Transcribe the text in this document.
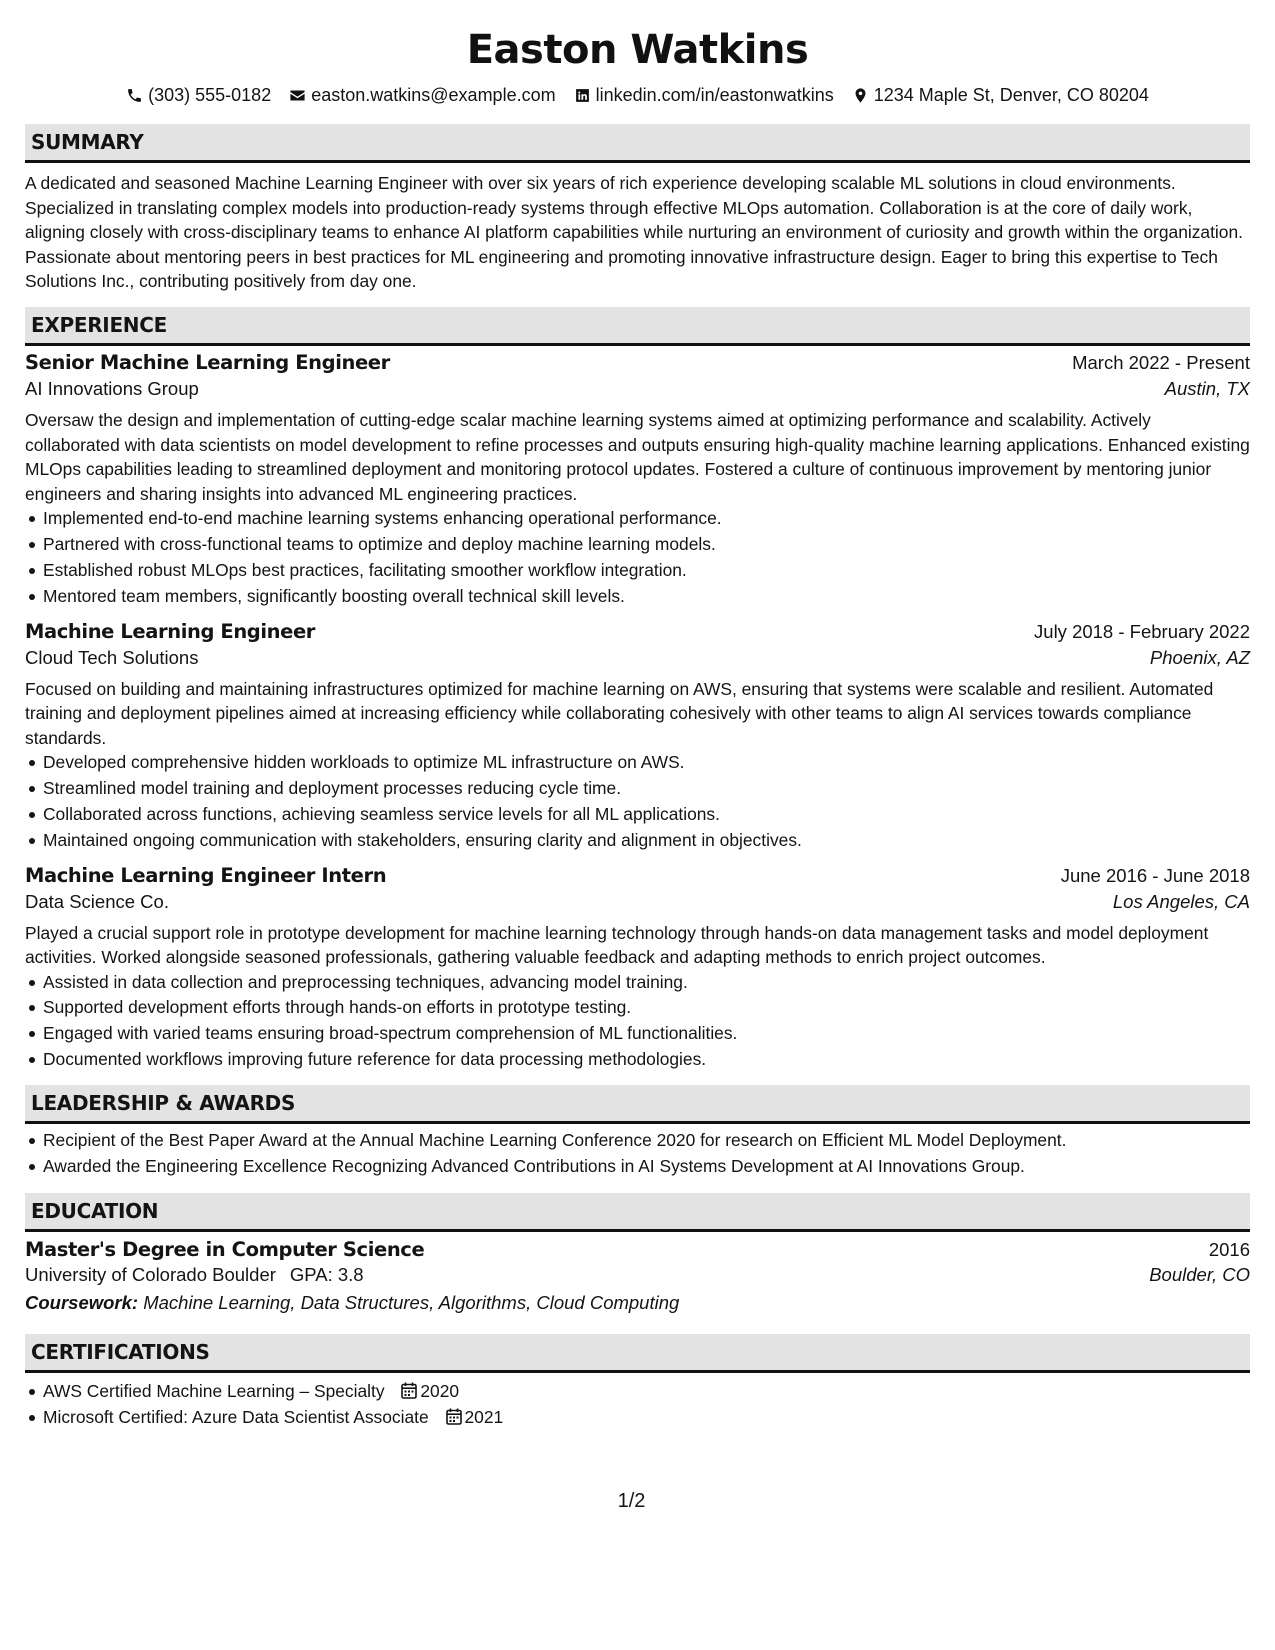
Easton Watkins
(303) 555-0182 easton.watkins@example.com linkedin.com/in/eastonwatkins 1234 Maple St, Denver, CO 80204
SUMMARY

A dedicated and seasoned Machine Learning Engineer with over six years of rich experience developing scalable ML solutions in cloud environments. Specialized in translating complex models into production-ready systems through effective MLOps automation. Collaboration is at the core of daily work, aligning closely with cross-disciplinary teams to enhance AI platform capabilities while nurturing an environment of curiosity and growth within the organization. Passionate about mentoring peers in best practices for ML engineering and promoting innovative infrastructure design. Eager to bring this expertise to Tech Solutions Inc., contributing positively from day one.

EXPERIENCE
Senior Machine Learning Engineer	March 2022 - Present
AI Innovations Group	Austin, TX

Oversaw the design and implementation of cutting-edge scalar machine learning systems aimed at optimizing performance and scalability. Actively collaborated with data scientists on model development to refine processes and outputs ensuring high-quality machine learning applications. Enhanced existing MLOps capabilities leading to streamlined deployment and monitoring protocol updates. Fostered a culture of continuous improvement by mentoring junior engineers and sharing insights into advanced ML engineering practices.

Implemented end-to-end machine learning systems enhancing operational performance.
Partnered with cross-functional teams to optimize and deploy machine learning models.
Established robust MLOps best practices, facilitating smoother workflow integration.
Mentored team members, significantly boosting overall technical skill levels.
Machine Learning Engineer	July 2018 - February 2022
Cloud Tech Solutions	Phoenix, AZ

Focused on building and maintaining infrastructures optimized for machine learning on AWS, ensuring that systems were scalable and resilient. Automated training and deployment pipelines aimed at increasing efficiency while collaborating cohesively with other teams to align AI services towards compliance standards.

Developed comprehensive hidden workloads to optimize ML infrastructure on AWS.
Streamlined model training and deployment processes reducing cycle time.
Collaborated across functions, achieving seamless service levels for all ML applications.
Maintained ongoing communication with stakeholders, ensuring clarity and alignment in objectives.
Machine Learning Engineer Intern	June 2016 - June 2018
Data Science Co.	Los Angeles, CA

Played a crucial support role in prototype development for machine learning technology through hands-on data management tasks and model deployment activities. Worked alongside seasoned professionals, gathering valuable feedback and adapting methods to enrich project outcomes.

Assisted in data collection and preprocessing techniques, advancing model training.
Supported development efforts through hands-on efforts in prototype testing.
Engaged with varied teams ensuring broad-spectrum comprehension of ML functionalities.
Documented workflows improving future reference for data processing methodologies.
LEADERSHIP & AWARDS
Recipient of the Best Paper Award at the Annual Machine Learning Conference 2020 for research on Efficient ML Model Deployment.
Awarded the Engineering Excellence Recognizing Advanced Contributions in AI Systems Development at AI Innovations Group.
EDUCATION
Master's Degree in Computer Science	2016
University of Colorado Boulder GPA: 3.8	Boulder, CO
Coursework: Machine Learning, Data Structures, Algorithms, Cloud Computing
CERTIFICATIONS
AWS Certified Machine Learning – Specialty 2020
Microsoft Certified: Azure Data Scientist Associate 2021
1/2
